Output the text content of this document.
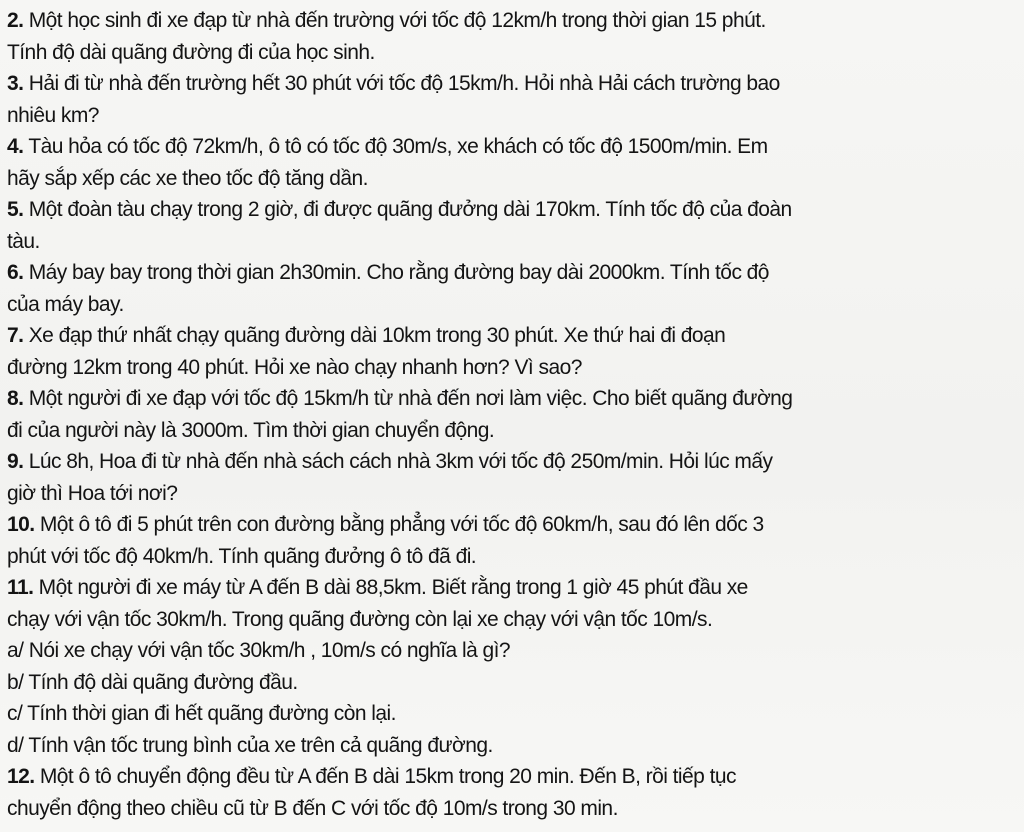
2. Một học sinh đi xe đạp từ nhà đến trường với tốc độ 12km/h trong thời gian 15 phút.
Tính độ dài quãng đường đi của học sinh.
3. Hải đi từ nhà đến trường hết 30 phút với tốc độ 15km/h. Hỏi nhà Hải cách trường bao
nhiêu km?
4. Tàu hỏa có tốc độ 72km/h, ô tô có tốc độ 30m/s, xe khách có tốc độ 1500m/min. Em
hãy sắp xếp các xe theo tốc độ tăng dần.
5. Một đoàn tàu chạy trong 2 giờ, đi được quãng đưởng dài 170km. Tính tốc độ của đoàn
tàu.
6. Máy bay bay trong thời gian 2h30min. Cho rằng đường bay dài 2000km. Tính tốc độ
của máy bay.
7. Xe đạp thứ nhất chạy quãng đường dài 10km trong 30 phút. Xe thứ hai đi đoạn
đường 12km trong 40 phút. Hỏi xe nào chạy nhanh hơn? Vì sao?
8. Một người đi xe đạp với tốc độ 15km/h từ nhà đến nơi làm việc. Cho biết quãng đường
đi của người này là 3000m. Tìm thời gian chuyển động.
9. Lúc 8h, Hoa đi từ nhà đến nhà sách cách nhà 3km với tốc độ 250m/min. Hỏi lúc mấy
giờ thì Hoa tới nơi?
10. Một ô tô đi 5 phút trên con đường bằng phẳng với tốc độ 60km/h, sau đó lên dốc 3
phút với tốc độ 40km/h. Tính quãng đưởng ô tô đã đi.
11. Một người đi xe máy từ A đến B dài 88,5km. Biết rằng trong 1 giờ 45 phút đầu xe
chạy với vận tốc 30km/h. Trong quãng đường còn lại xe chạy với vận tốc 10m/s.
a/ Nói xe chạy với vận tốc 30km/h , 10m/s có nghĩa là gì?
b/ Tính độ dài quãng đường đầu.
c/ Tính thời gian đi hết quãng đường còn lại.
d/ Tính vận tốc trung bình của xe trên cả quãng đường.
12. Một ô tô chuyển động đều từ A đến B dài 15km trong 20 min. Đến B, rồi tiếp tục
chuyển động theo chiều cũ từ B đến C với tốc độ 10m/s trong 30 min.
